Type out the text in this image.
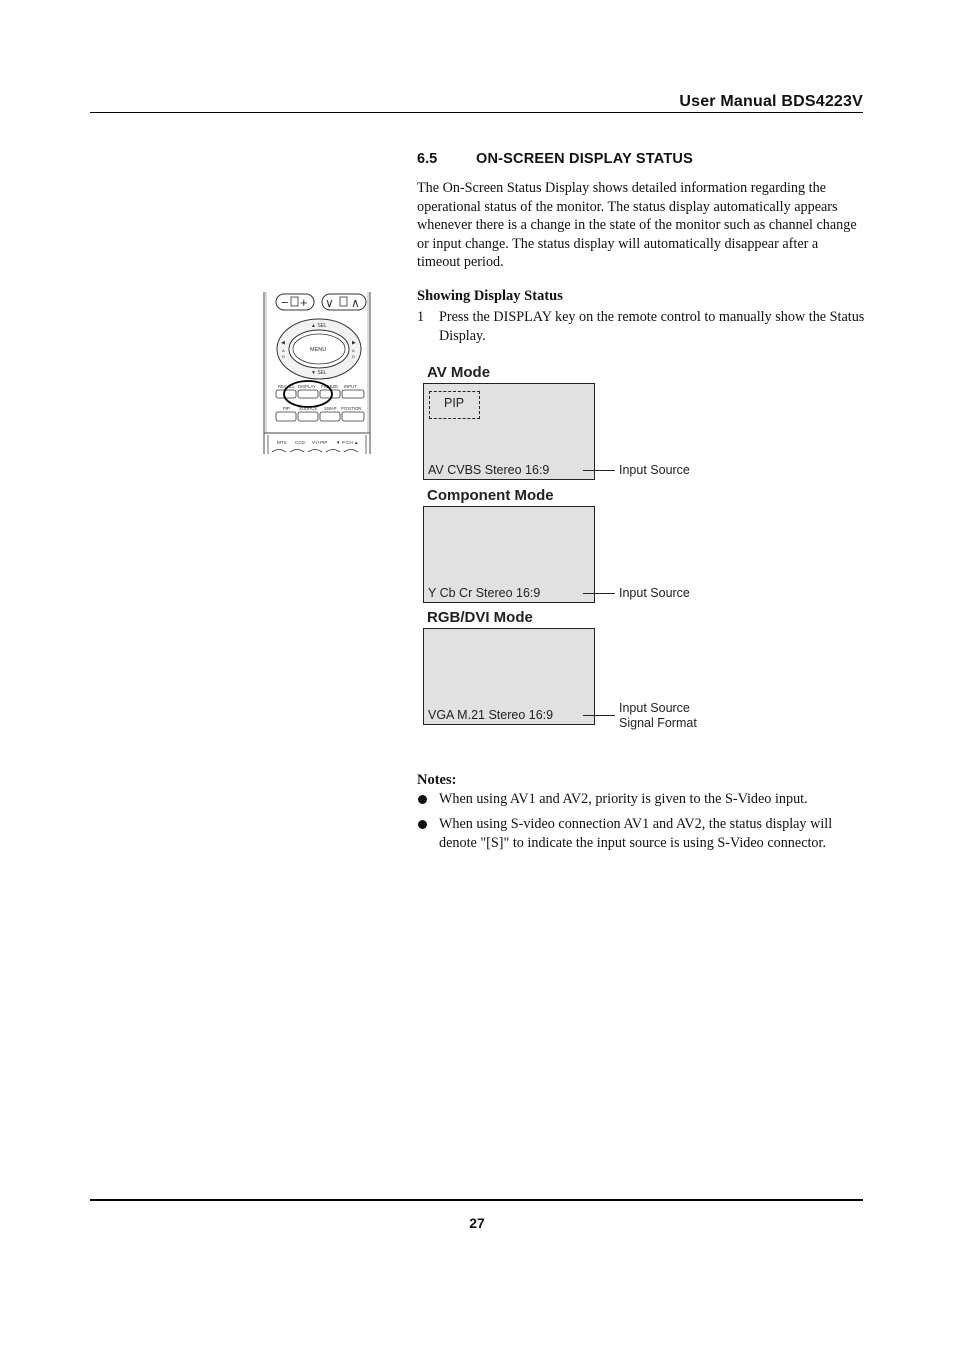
User Manual BDS4223V
6.5	ON-SCREEN DISPLAY STATUS
The On-Screen Status Display shows detailed information regarding the operational status of the monitor. The status display automatically appears whenever there is a change in the state of the monitor such as channel change or input change. The status display will automatically disappear after a timeout period.
− + ∨ ∧
▲ SEL
▼ SEL
MENU
◀	▶
A
D
A
D
RECALL DISPLAY FREEZE INPUT
PIP SOURCE SWAP POSITION
MTS CCD V-/+PIP ▼ P-CH ▲
Showing Display Status
1 Press the DISPLAY key on the remote control to manually show the Status Display.
AV Mode
PIP
AV CVBS Stereo 16:9	Input Source
Component Mode
Y Cb Cr Stereo 16:9	Input Source
RGB/DVI Mode
VGA M.21 Stereo 16:9	Input Source
Signal Format
Notes:
When using AV1 and AV2, priority is given to the S-Video input.
When using S-video connection AV1 and AV2, the status display will denote "[S]" to indicate the input source is using S-Video connector.
27
